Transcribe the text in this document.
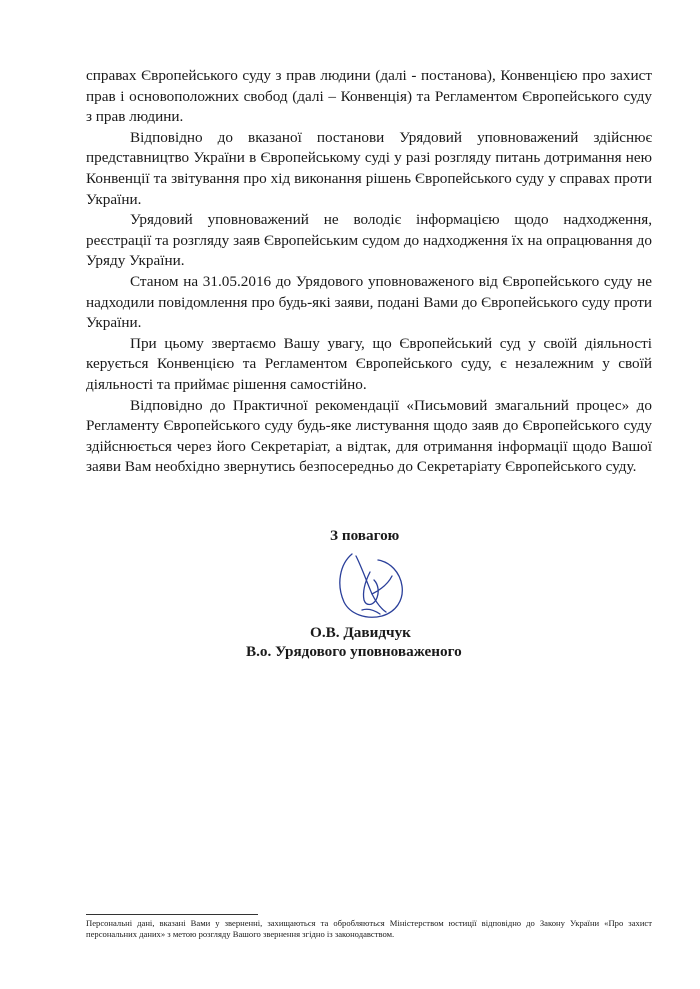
справах Європейського суду з прав людини (далі - постанова), Конвенцією про захист прав і основоположних свобод (далі – Конвенція) та Регламентом Європейського суду з прав людини.

Відповідно до вказаної постанови Урядовий уповноважений здійснює представництво України в Європейському суді у разі розгляду питань дотримання нею Конвенції та звітування про хід виконання рішень Європейського суду у справах проти України.

Урядовий уповноважений не володіє інформацією щодо надходження, реєстрації та розгляду заяв Європейським судом до надходження їх на опрацювання до Уряду України.

Станом на 31.05.2016 до Урядового уповноваженого від Європейського суду не надходили повідомлення про будь-які заяви, подані Вами до Європейського суду проти України.

При цьому звертаємо Вашу увагу, що Європейський суд у своїй діяльності керується Конвенцією та Регламентом Європейського суду, є незалежним у своїй діяльності та приймає рішення самостійно.

Відповідно до Практичної рекомендації «Письмовий змагальний процес» до Регламенту Європейського суду будь-яке листування щодо заяв до Європейського суду здійснюється через його Секретаріат, а відтак, для отримання інформації щодо Вашої заяви Вам необхідно звернутись безпосередньо до Секретаріату Європейського суду.

З повагою
О.В. Давидчук
В.о. Урядового уповноваженого
Персональні дані, вказані Вами у зверненні, захищаються та обробляються Міністерством юстиції відповідно до Закону України «Про захист персональних даних» з метою розгляду Вашого звернення згідно із законодавством.
